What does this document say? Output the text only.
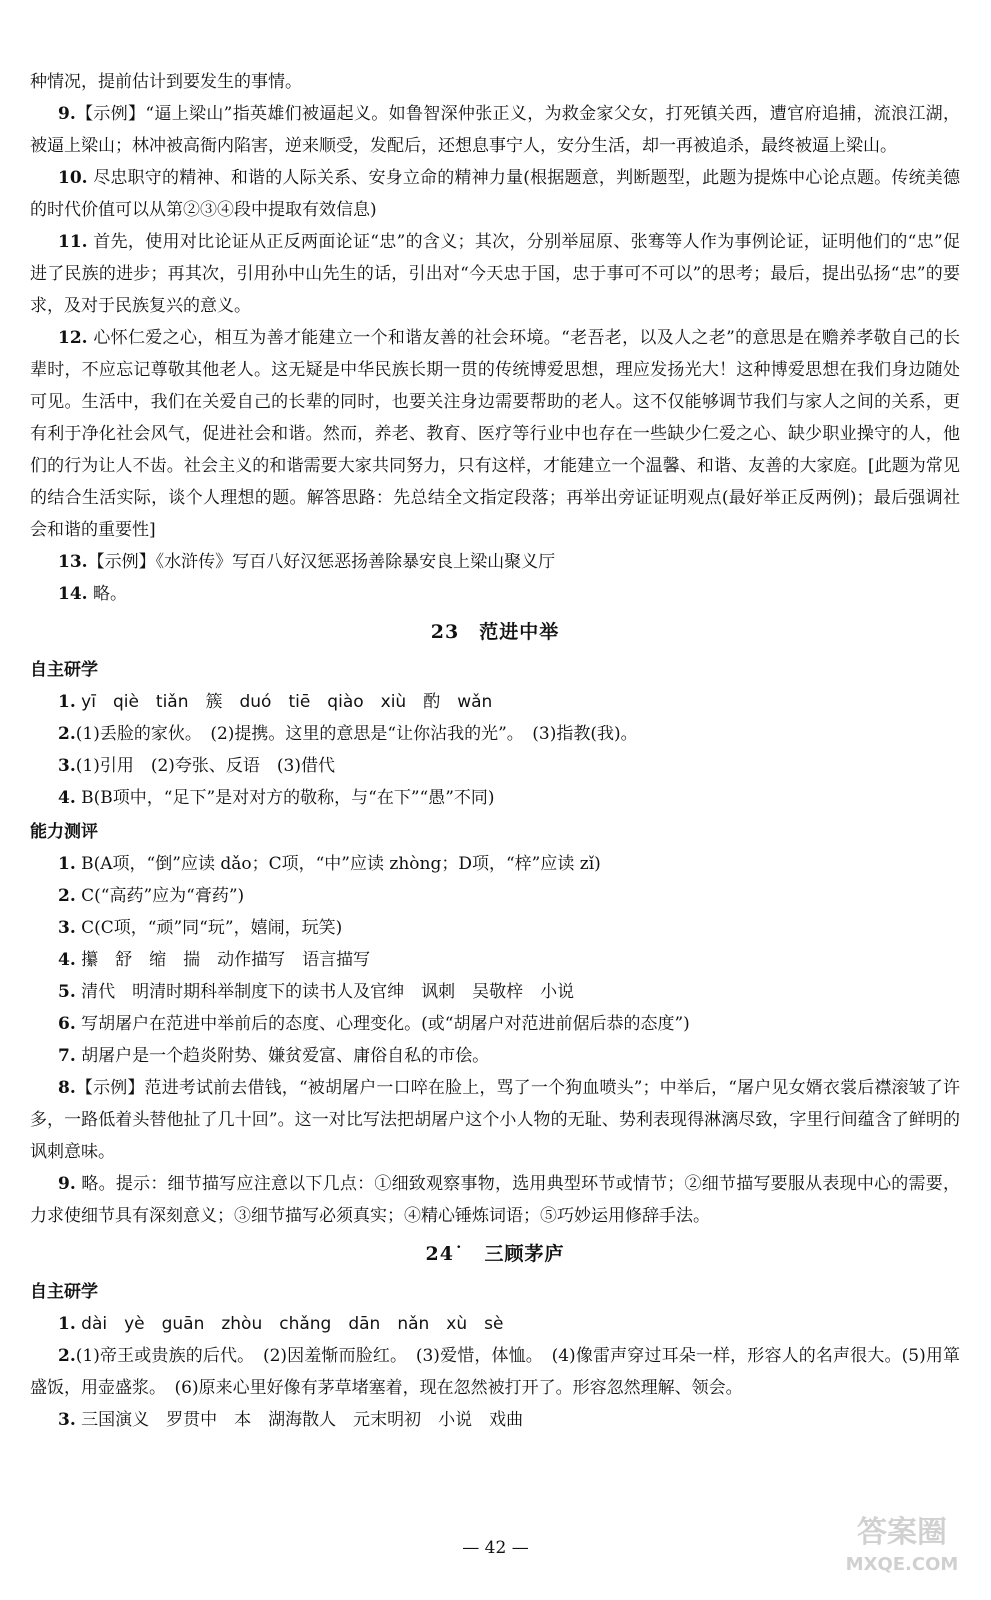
种情况，提前估计到要发生的事情。

9.【示例】“逼上梁山”指英雄们被逼起义。如鲁智深仲张正义，为救金家父女，打死镇关西，遭官府追捕，流浪江湖，被逼上梁山；林冲被高衙内陷害，逆来顺受，发配后，还想息事宁人，安分生活，却一再被追杀，最终被逼上梁山。

10. 尽忠职守的精神、和谐的人际关系、安身立命的精神力量(根据题意，判断题型，此题为提炼中心论点题。传统美德的时代价值可以从第②③④段中提取有效信息)

11. 首先，使用对比论证从正反两面论证“忠”的含义；其次，分别举屈原、张骞等人作为事例论证，证明他们的“忠”促进了民族的进步；再其次，引用孙中山先生的话，引出对“今天忠于国，忠于事可不可以”的思考；最后，提出弘扬“忠”的要求，及对于民族复兴的意义。

12. 心怀仁爱之心，相互为善才能建立一个和谐友善的社会环境。“老吾老，以及人之老”的意思是在赡养孝敬自己的长辈时，不应忘记尊敬其他老人。这无疑是中华民族长期一贯的传统博爱思想，理应发扬光大！这种博爱思想在我们身边随处可见。生活中，我们在关爱自己的长辈的同时，也要关注身边需要帮助的老人。这不仅能够调节我们与家人之间的关系，更有利于净化社会风气，促进社会和谐。然而，养老、教育、医疗等行业中也存在一些缺少仁爱之心、缺少职业操守的人，他们的行为让人不齿。社会主义的和谐需要大家共同努力，只有这样，才能建立一个温馨、和谐、友善的大家庭。[此题为常见的结合生活实际，谈个人理想的题。解答思路：先总结全文指定段落；再举出旁证证明观点(最好举正反两例)；最后强调社会和谐的重要性]

13.【示例】《水浒传》写百八好汉惩恶扬善除暴安良上梁山聚义厅

14. 略。

23　范进中举

自主研学

1. yī　qiè　tiǎn　簇　duó　tiē　qiào　xiù　酌　wǎn

2.(1)丢脸的家伙。　(2)提携。这里的意思是“让你沾我的光”。　(3)指教(我)。

3.(1)引用　(2)夸张、反语　(3)借代

4. B(B项中，“足下”是对对方的敬称，与“在下”“愚”不同)

能力测评

1. B(A项，“倒”应读 dǎo；C项，“中”应读 zhòng；D项，“梓”应读 zǐ)

2. C(“高药”应为“膏药”)

3. C(C项，“顽”同“玩”，嬉闹，玩笑)

4. 攥　舒　缩　揣　动作描写　语言描写

5. 清代　明清时期科举制度下的读书人及官绅　讽刺　吴敬梓　小说

6. 写胡屠户在范进中举前后的态度、心理变化。(或“胡屠户对范进前倨后恭的态度”)

7. 胡屠户是一个趋炎附势、嫌贫爱富、庸俗自私的市侩。

8.【示例】范进考试前去借钱，“被胡屠户一口啐在脸上，骂了一个狗血喷头”；中举后，“屠户见女婿衣裳后襟滚皱了许多，一路低着头替他扯了几十回”。这一对比写法把胡屠户这个小人物的无耻、势利表现得淋漓尽致，字里行间蕴含了鲜明的讽刺意味。

9. 略。提示：细节描写应注意以下几点：①细致观察事物，选用典型环节或情节；②细节描写要服从表现中心的需要，力求使细节具有深刻意义；③细节描写必须真实；④精心锤炼词语；⑤巧妙运用修辞手法。

24˙　三顾茅庐

自主研学

1. dài　yè　guān　zhòu　chǎng　dān　nǎn　xù　sè

2.(1)帝王或贵族的后代。　(2)因羞惭而脸红。　(3)爱惜，体恤。　(4)像雷声穿过耳朵一样，形容人的名声很大。(5)用箪盛饭，用壶盛浆。　(6)原来心里好像有茅草堵塞着，现在忽然被打开了。形容忽然理解、领会。

3. 三国演义　罗贯中　本　湖海散人　元末明初　小说　戏曲

— 42 —	答案圈
MXQE.COM
